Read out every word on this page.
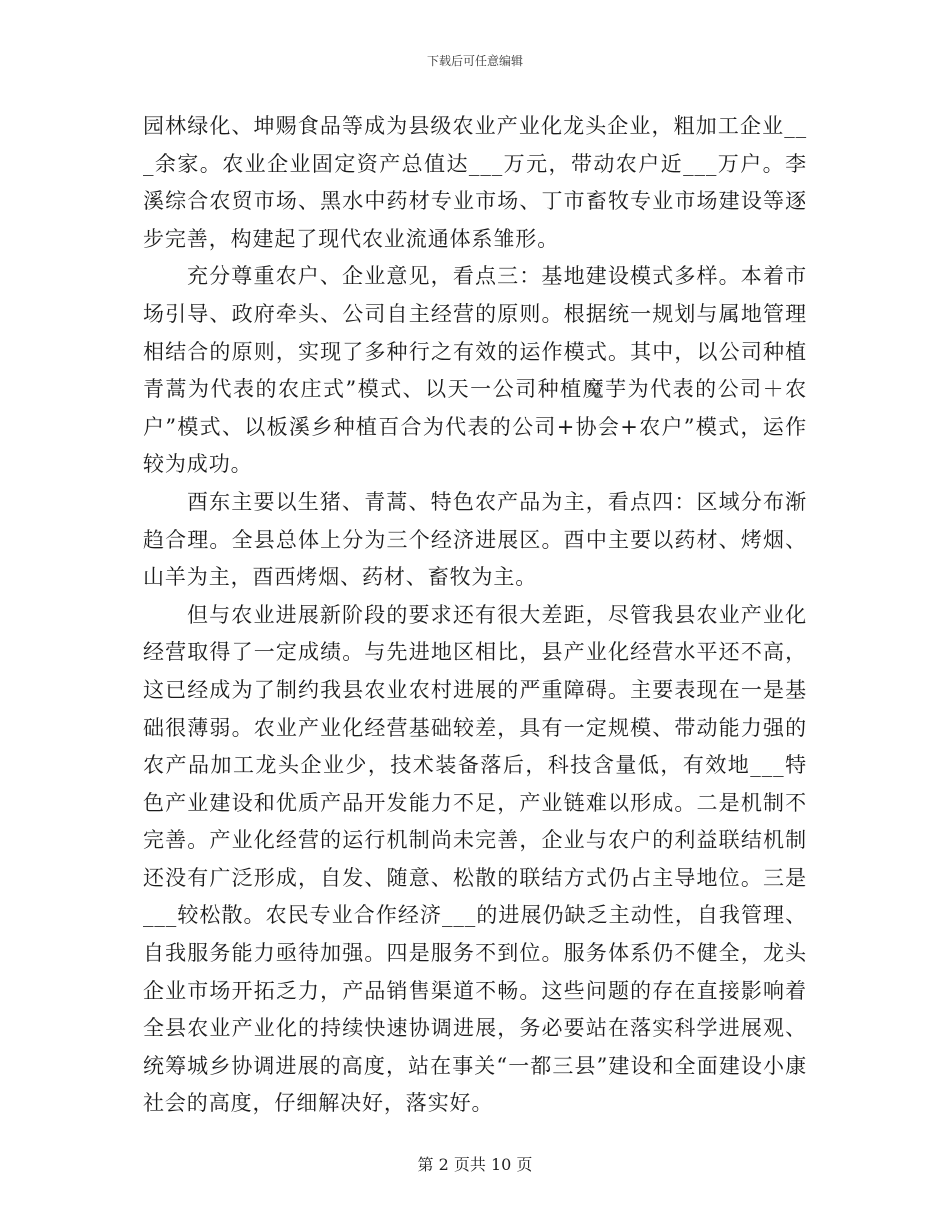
下载后可任意编辑

园林绿化、坤赐食品等成为县级农业产业化龙头企业，粗加工企业___余家。农业企业固定资产总值达___万元，带动农户近___万户。李溪综合农贸市场、黑水中药材专业市场、丁市畜牧专业市场建设等逐步完善，构建起了现代农业流通体系雏形。

充分尊重农户、企业意见，看点三：基地建设模式多样。本着市场引导、政府牵头、公司自主经营的原则。根据统一规划与属地管理相结合的原则，实现了多种行之有效的运作模式。其中，以公司种植青蒿为代表的农庄式”模式、以天一公司种植魔芋为代表的公司＋农户”模式、以板溪乡种植百合为代表的公司+协会+农户”模式，运作较为成功。

酉东主要以生猪、青蒿、特色农产品为主，看点四：区域分布渐趋合理。全县总体上分为三个经济进展区。酉中主要以药材、烤烟、山羊为主，酉西烤烟、药材、畜牧为主。

但与农业进展新阶段的要求还有很大差距，尽管我县农业产业化经营取得了一定成绩。与先进地区相比，县产业化经营水平还不高，这已经成为了制约我县农业农村进展的严重障碍。主要表现在一是基础很薄弱。农业产业化经营基础较差，具有一定规模、带动能力强的农产品加工龙头企业少，技术装备落后，科技含量低，有效地___特色产业建设和优质产品开发能力不足，产业链难以形成。二是机制不完善。产业化经营的运行机制尚未完善，企业与农户的利益联结机制还没有广泛形成，自发、随意、松散的联结方式仍占主导地位。三是___较松散。农民专业合作经济___的进展仍缺乏主动性，自我管理、自我服务能力亟待加强。四是服务不到位。服务体系仍不健全，龙头企业市场开拓乏力，产品销售渠道不畅。这些问题的存在直接影响着全县农业产业化的持续快速协调进展，务必要站在落实科学进展观、统筹城乡协调进展的高度，站在事关“一都三县”建设和全面建设小康社会的高度，仔细解决好，落实好。

第 2 页共 10 页
